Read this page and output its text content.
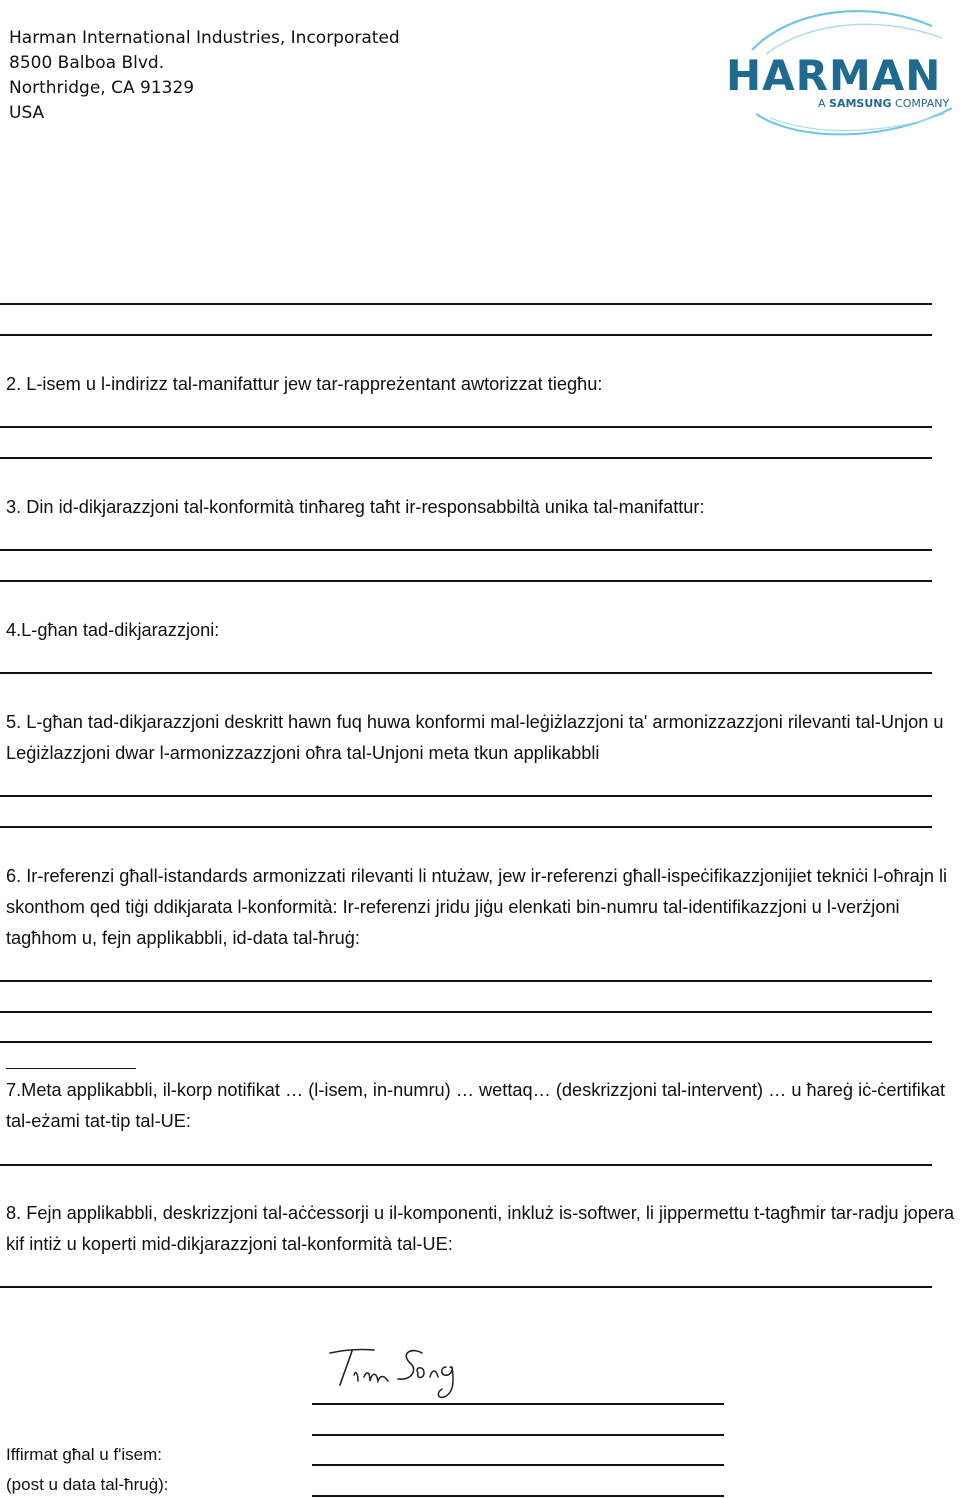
Harman International Industries, Incorporated
8500 Balboa Blvd.
Northridge, CA 91329
USA
HARMAN
A SAMSUNG COMPANY
2. L-isem u l-indirizz tal-manifattur jew tar-rappreżentant awtorizzat tiegħu:
3. Din id-dikjarazzjoni tal-konformità tinħareg taħt ir-responsabbiltà unika tal-manifattur:
4.L-għan tad-dikjarazzjoni:
5. L-għan tad-dikjarazzjoni deskritt hawn fuq huwa konformi mal-leġiżlazzjoni ta' armonizzazzjoni rilevanti tal-Unjon u Leġiżlazzjoni dwar l-armonizzazzjoni oħra tal-Unjoni meta tkun applikabbli
6. Ir-referenzi għall-istandards armonizzati rilevanti li ntużaw, jew ir-referenzi għall-ispeċifikazzjonijiet tekniċi l-oħrajn li skonthom qed tiġi ddikjarata l-konformità: Ir-referenzi jridu jiġu elenkati bin-numru tal-identifikazzjoni u l-verżjoni tagħhom u, fejn applikabbli, id-data tal-ħruġ:
7.Meta applikabbli, il-korp notifikat … (l-isem, in-numru) … wettaq… (deskrizzjoni tal-intervent) … u ħareġ iċ-ċertifikat tal-eżami tat-tip tal-UE:
8. Fejn applikabbli, deskrizzjoni tal-aċċessorji u il-komponenti, inkluż is-softwer, li jippermettu t-tagħmir tar-radju jopera kif intiż u koperti mid-dikjarazzjoni tal-konformità tal-UE:
Iffirmat għal u f'isem:
(post u data tal-ħruġ):
